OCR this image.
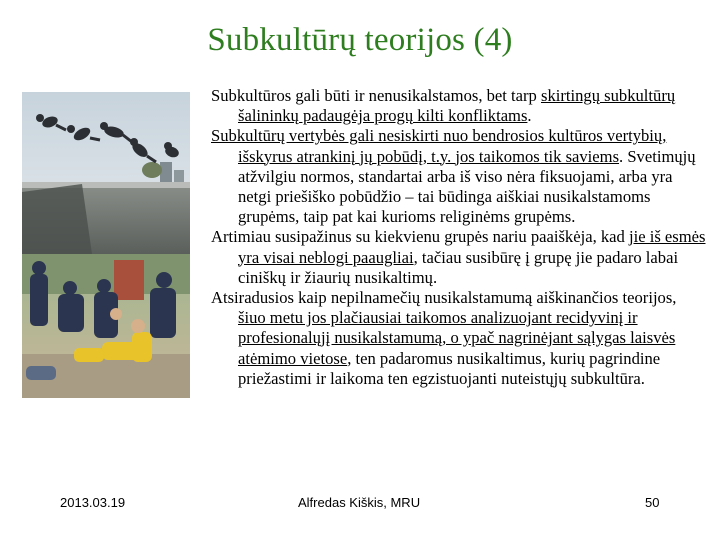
Subkultūrų teorijos (4)

Subkultūros gali būti ir nenusikalstamos, bet tarp skirtingų subkultūrų šalininkų padaugėja progų kilti konfliktams.

Subkultūrų vertybės gali nesiskirti nuo bendrosios kultūros vertybių, išskyrus atrankinį jų pobūdį, t.y. jos taikomos tik saviems. Svetimųjų atžvilgiu normos, standartai arba iš viso nėra fiksuojami, arba yra netgi priešiško pobūdžio – tai būdinga aiškiai nusikalstamoms grupėms, taip pat kai kurioms religinėms grupėms.

Artimiau susipažinus su kiekvienu grupės nariu paaiškėja, kad jie iš esmės yra visai neblogi paaugliai, tačiau susibūrę į grupę jie padaro labai ciniškų ir žiaurių nusikaltimų.

Atsiradusios kaip nepilnamečių nusikalstamumą aiškinančios teorijos, šiuo metu jos plačiausiai taikomos analizuojant recidyvinį ir profesionalųjį nusikalstamumą, o ypač nagrinėjant sąlygas laisvės atėmimo vietose, ten padaromus nusikaltimus, kurių pagrindine priežastimi ir laikoma ten egzistuojanti nuteistųjų subkultūra.

2013.03.19	Alfredas Kiškis, MRU	50
